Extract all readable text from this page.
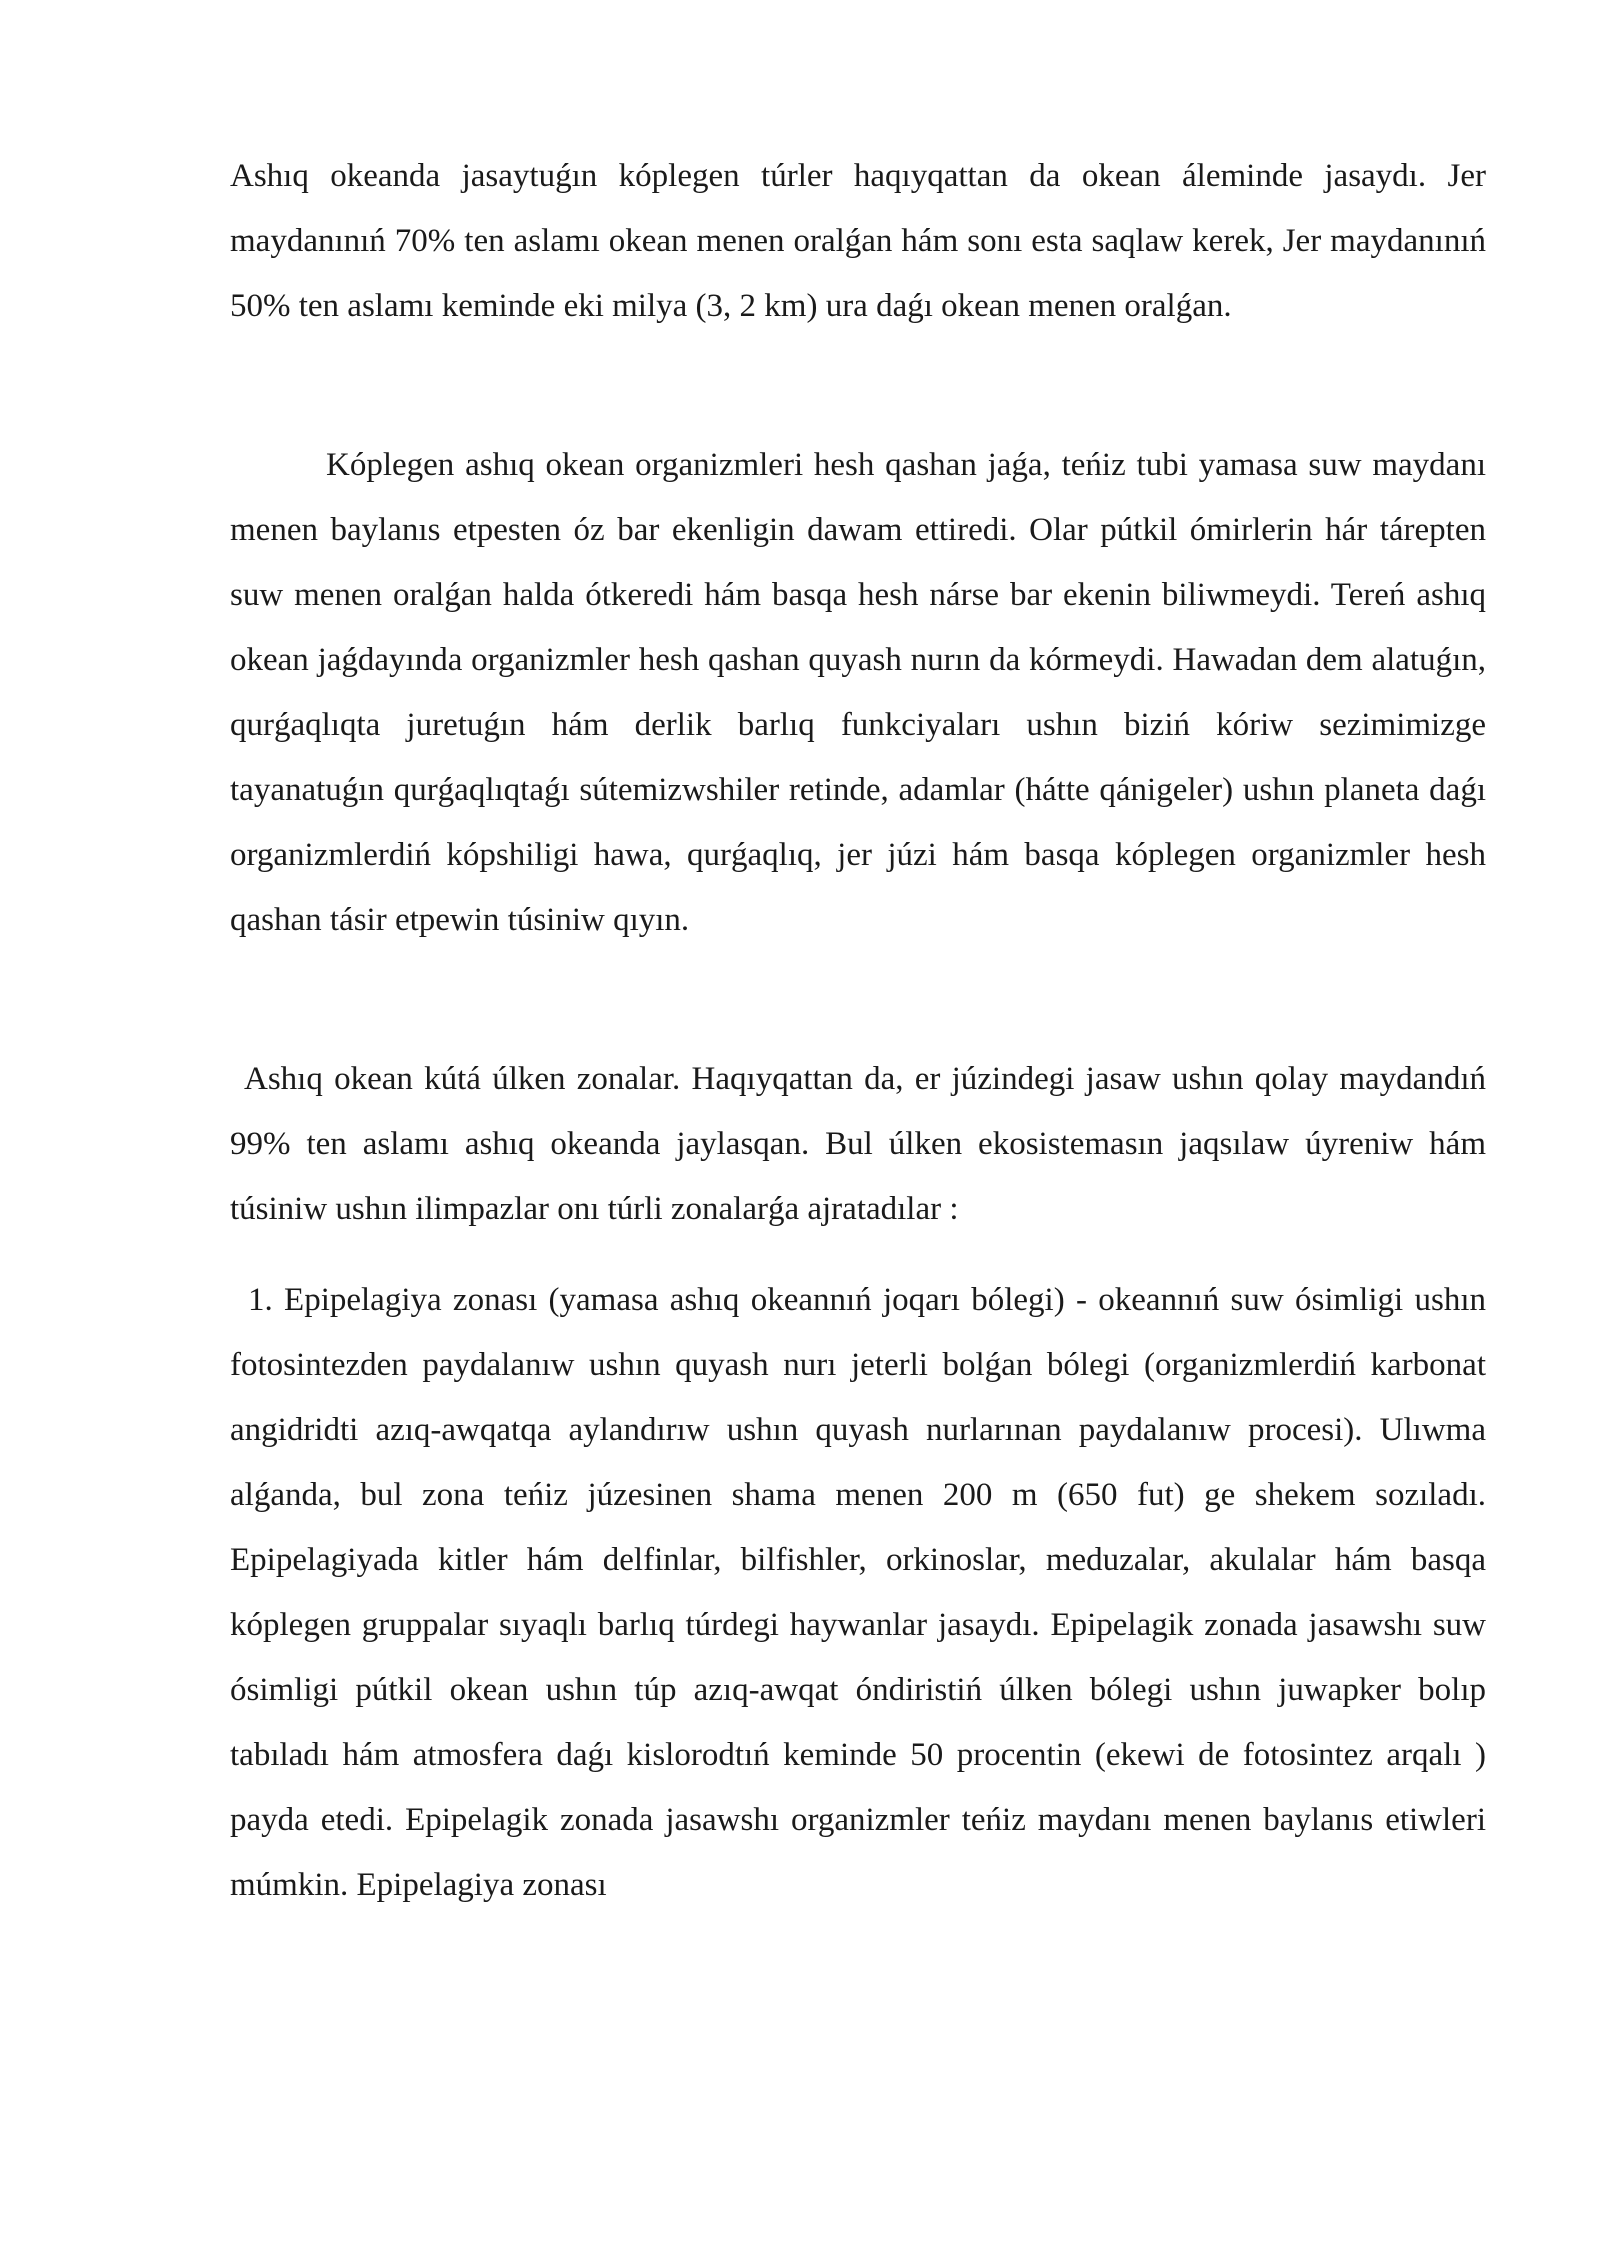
Ashıq okeanda jasaytuǵın kóplegen túrler haqıyqattan da okean áleminde jasaydı. Jer maydanınıń 70% ten aslamı okean menen oralǵan hám sonı esta saqlaw kerek, Jer maydanınıń 50% ten aslamı keminde eki milya (3, 2 km) ura daǵı okean menen oralǵan.

Kóplegen ashıq okean organizmleri hesh qashan jaǵa, teńiz tubi yamasa suw maydanı menen baylanıs etpesten óz bar ekenligin dawam ettiredi. Olar pútkil ómirlerin hár tárepten suw menen oralǵan halda ótkeredi hám basqa hesh nárse bar ekenin biliwmeydi. Tereń ashıq okean jaǵdayında organizmler hesh qashan quyash nurın da kórmeydi. Hawadan dem alatuǵın, qurǵaqlıqta juretuǵın hám derlik barlıq funkciyaları ushın biziń kóriw sezimimizge tayanatuǵın qurǵaqlıqtaǵı sútemizwshiler retinde, adamlar (hátte qánigeler) ushın planeta daǵı organizmlerdiń kópshiligi hawa, qurǵaqlıq, jer júzi hám basqa kóplegen organizmler hesh qashan tásir etpewin túsiniw qıyın.

Ashıq okean kútá úlken zonalar. Haqıyqattan da, er júzindegi jasaw ushın qolay maydandıń 99% ten aslamı ashıq okeanda jaylasqan. Bul úlken ekosistemasın jaqsılaw úyreniw hám túsiniw ushın ilimpazlar onı túrli zonalarǵa ajratadılar :

1. Epipelagiya zonası (yamasa ashıq okeannıń joqarı bólegi) - okeannıń suw ósimligi ushın fotosintezden paydalanıw ushın quyash nurı jeterli bolǵan bólegi (organizmlerdiń karbonat angidridti azıq-awqatqa aylandırıw ushın quyash nurlarınan paydalanıw procesi). Ulıwma alǵanda, bul zona teńiz júzesinen shama menen 200 m (650 fut) ge shekem sozıladı. Epipelagiyada kitler hám delfinlar, bilfishler, orkinoslar, meduzalar, akulalar hám basqa kóplegen gruppalar sıyaqlı barlıq túrdegi haywanlar jasaydı. Epipelagik zonada jasawshı suw ósimligi pútkil okean ushın túp azıq-awqat óndiristiń úlken bólegi ushın juwapker bolıp tabıladı hám atmosfera daǵı kislorodtıń keminde 50 procentin (ekewi de fotosintez arqalı ) payda etedi. Epipelagik zonada jasawshı organizmler teńiz maydanı menen baylanıs etiwleri múmkin. Epipelagiya zonası
